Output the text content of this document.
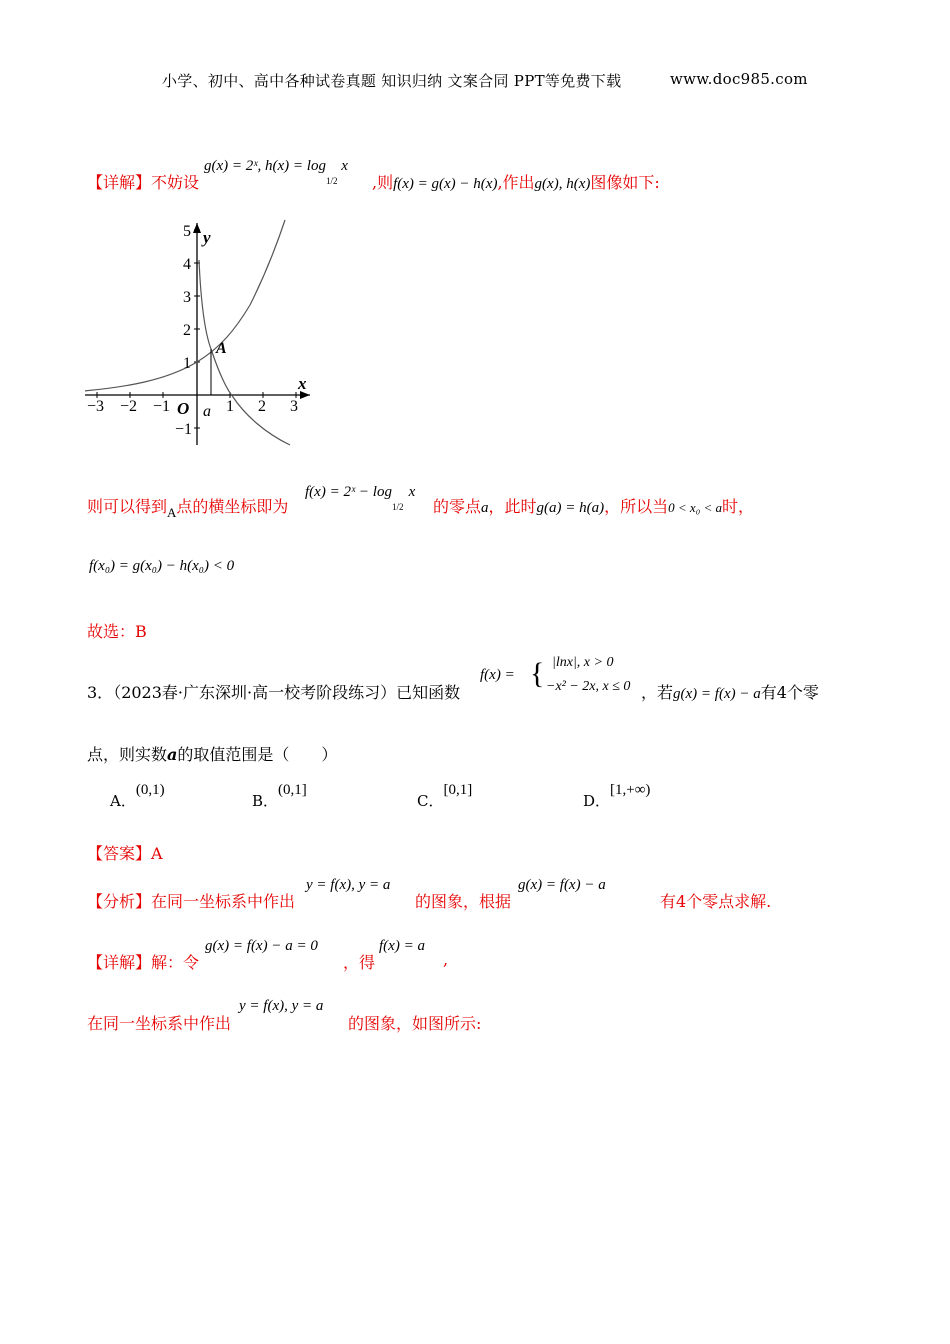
小学、初中、高中各种试卷真题 知识归纳 文案合同 PPT等免费下载	www.doc985.com
【详解】不妨设
g(x) = 2ˣ, $h(x) = \log_{1/2} x$
,则f(x) = g(x) − h(x),作出g(x), h(x)图像如下:
y
x
O a
A
−3 −2 −1	1 2 3
5
4
3
2
1
−1
则可以得到$_A$点的横坐标即为
f(x) = 2ˣ − $\log_{1/2} x$
的零点a，此时g(a) = h(a)，所以当0 < x₀ < a时，
f(x₀) = g(x₀) − h(x₀) < 0
故选：B
3．（2023春·广东深圳·高一校考阶段练习）已知函数
f(x) = { |lnx|, x > 0
−x² − 2x, x ≤ 0 ，若g(x) = f(x) − a有4个零
点，则实数a的取值范围是（　　）
A．(0,1)
B．(0,1]
C．[0,1]
D．[1,+∞)
【答案】A
【分析】在同一坐标系中作出
y = f(x), y = a
的图象，根据
g(x) = f(x) − a
有4个零点求解.
【详解】解：令
g(x) = f(x) − a = 0
，得
f(x) = a
,
在同一坐标系中作出
y = f(x), y = a
的图象，如图所示:
